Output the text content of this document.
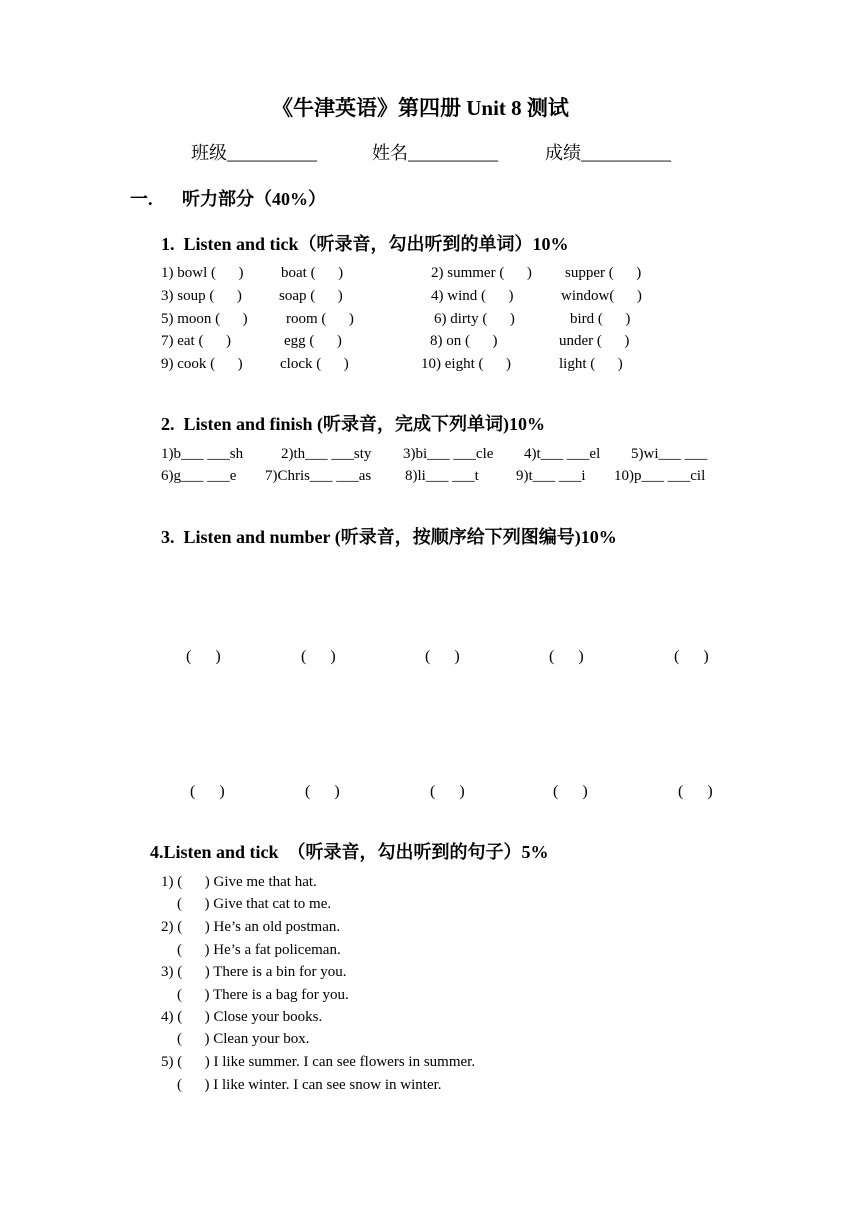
《牛津英语》第四册 Unit 8 测试
班级__________	姓名__________	成绩__________
一. 听力部分（40%）
1.  Listen and tick（听录音，勾出听到的单词）10%
1) bowl (      )	boat (      )	2) summer (      ) supper (      )
3) soup (      ) soap (      )	4) wind (      )	window(      )
5) moon (      )	room (      )	6) dirty (      )	bird (      )
7) eat (      )	egg (      )	8) on (      )	under (      )
9) cook (      ) clock (      )	10) eight (      )	light (      )
2.  Listen and finish (听录音，完成下列单词)10%
1)b___ ___sh	2)th___ ___sty 3)bi___ ___cle 4)t___ ___el 5)wi___ ___
6)g___ ___e 7)Chris___ ___as 8)li___ ___t 9)t___ ___i 10)p___ ___cil
3.  Listen and number (听录音，按顺序给下列图编号)10%
(      )	(      )	(      )	(      )	(      )
(      )	(      )	(      )	(      )	(      )
4.Listen and tick  （听录音，勾出听到的句子）5%
1) (      ) Give me that hat.
(      ) Give that cat to me.
2) (      ) He’s an old postman.
(      ) He’s a fat policeman.
3) (      ) There is a bin for you.
(      ) There is a bag for you.
4) (      ) Close your books.
(      ) Clean your box.
5) (      ) I like summer. I can see flowers in summer.
(      ) I like winter. I can see snow in winter.
